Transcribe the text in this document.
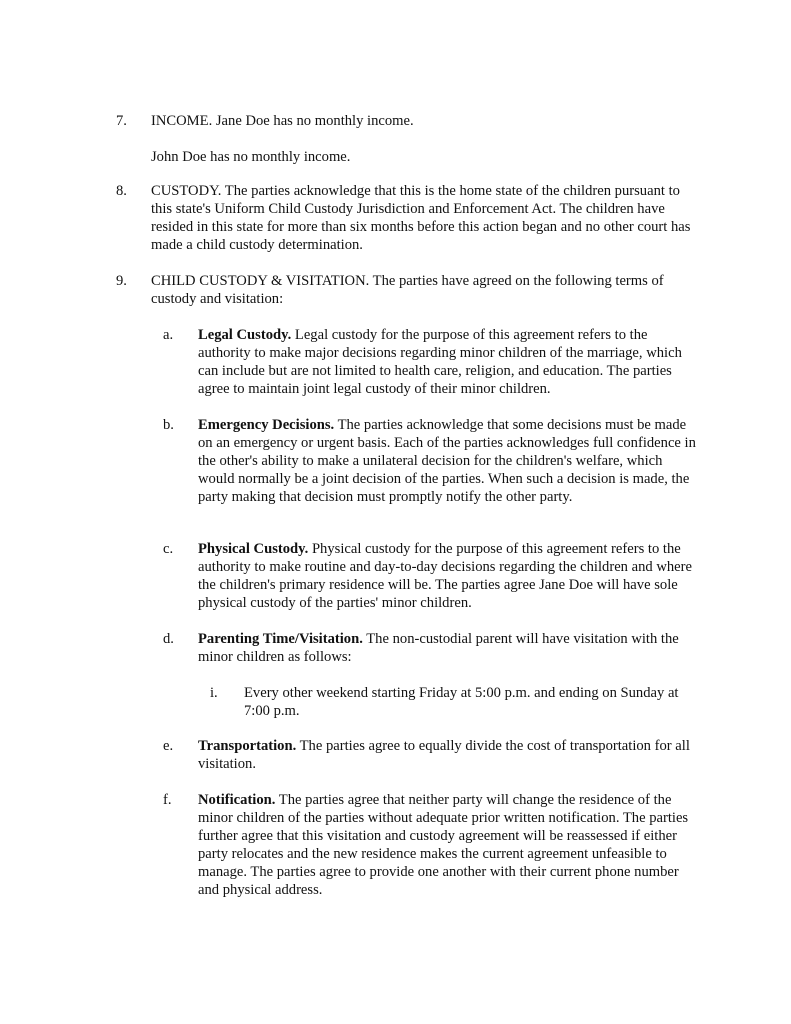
7. INCOME. Jane Doe has no monthly income.
John Doe has no monthly income.
8. CUSTODY. The parties acknowledge that this is the home state of the children pursuant to this state's Uniform Child Custody Jurisdiction and Enforcement Act. The children have resided in this state for more than six months before this action began and no other court has made a child custody determination.
9. CHILD CUSTODY & VISITATION. The parties have agreed on the following terms of custody and visitation:
a. Legal Custody. Legal custody for the purpose of this agreement refers to the authority to make major decisions regarding minor children of the marriage, which can include but are not limited to health care, religion, and education. The parties agree to maintain joint legal custody of their minor children.
b. Emergency Decisions. The parties acknowledge that some decisions must be made on an emergency or urgent basis. Each of the parties acknowledges full confidence in the other's ability to make a unilateral decision for the children's welfare, which would normally be a joint decision of the parties. When such a decision is made, the party making that decision must promptly notify the other party.
c. Physical Custody. Physical custody for the purpose of this agreement refers to the authority to make routine and day-to-day decisions regarding the children and where the children's primary residence will be. The parties agree Jane Doe will have sole physical custody of the parties' minor children.
d. Parenting Time/Visitation. The non-custodial parent will have visitation with the minor children as follows:
i. Every other weekend starting Friday at 5:00 p.m. and ending on Sunday at 7:00 p.m.
e. Transportation. The parties agree to equally divide the cost of transportation for all visitation.
f. Notification. The parties agree that neither party will change the residence of the minor children of the parties without adequate prior written notification. The parties further agree that this visitation and custody agreement will be reassessed if either party relocates and the new residence makes the current agreement unfeasible to manage. The parties agree to provide one another with their current phone number and physical address.
